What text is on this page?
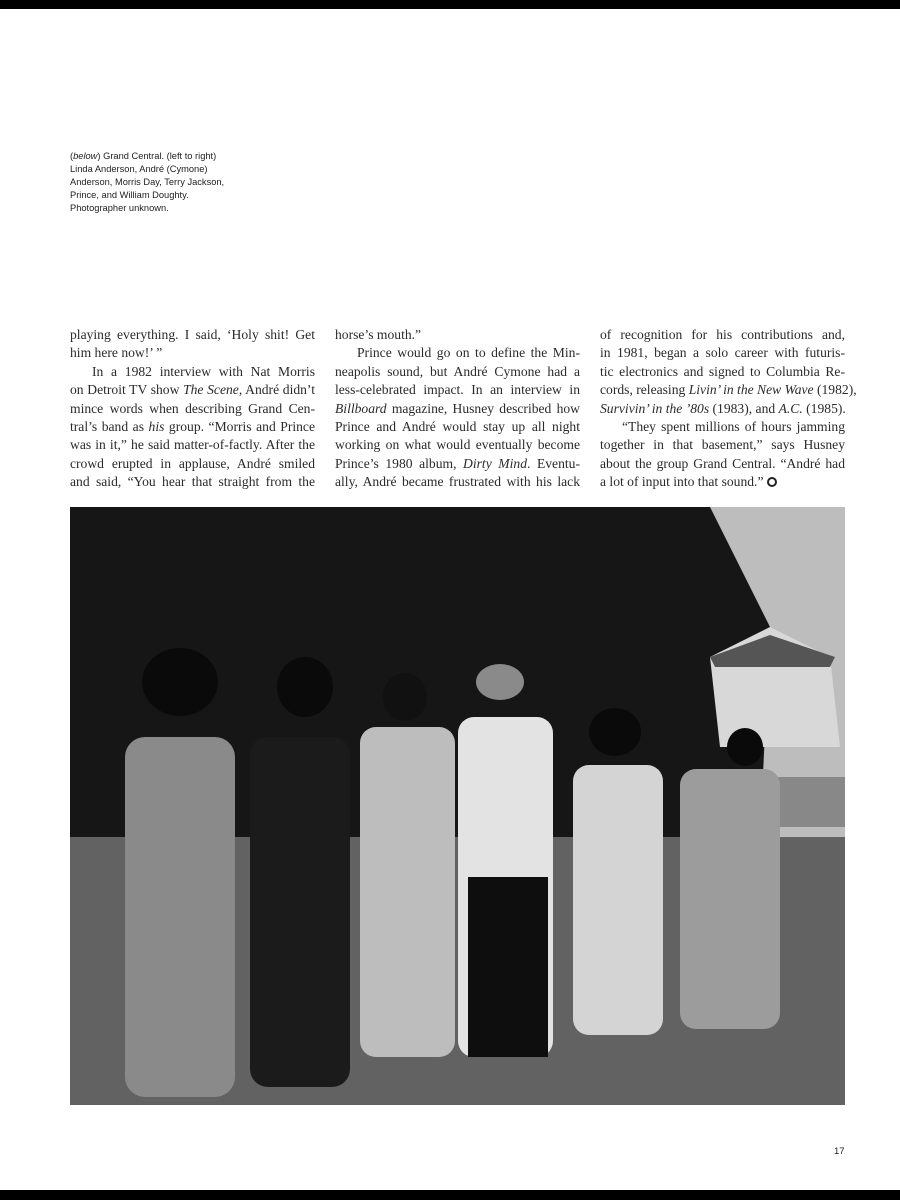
(below) Grand Central. (left to right)
Linda Anderson, André (Cymone)
Anderson, Morris Day, Terry Jackson,
Prince, and William Doughty.
Photographer unknown.
playing everything. I said, ‘Holy shit! Get
him here now!’ ”
In a 1982 interview with Nat Morris
on Detroit TV show The Scene, André didn’t
mince words when describing Grand Cen-
tral’s band as his group. “Morris and Prince
was in it,” he said matter-of-factly. After the
crowd erupted in applause, André smiled
and said, “You hear that straight from the
horse’s mouth.”
Prince would go on to define the Min-
neapolis sound, but André Cymone had a
less-celebrated impact. In an interview in
Billboard magazine, Husney described how
Prince and André would stay up all night
working on what would eventually become
Prince’s 1980 album, Dirty Mind. Eventu-
ally, André became frustrated with his lack
of recognition for his contributions and,
in 1981, began a solo career with futuris-
tic electronics and signed to Columbia Re-
cords, releasing Livin’ in the New Wave (1982),
Survivin’ in the ’80s (1983), and A.C. (1985).
“They spent millions of hours jamming
together in that basement,” says Husney
about the group Grand Central. “André had
a lot of input into that sound.”
17
